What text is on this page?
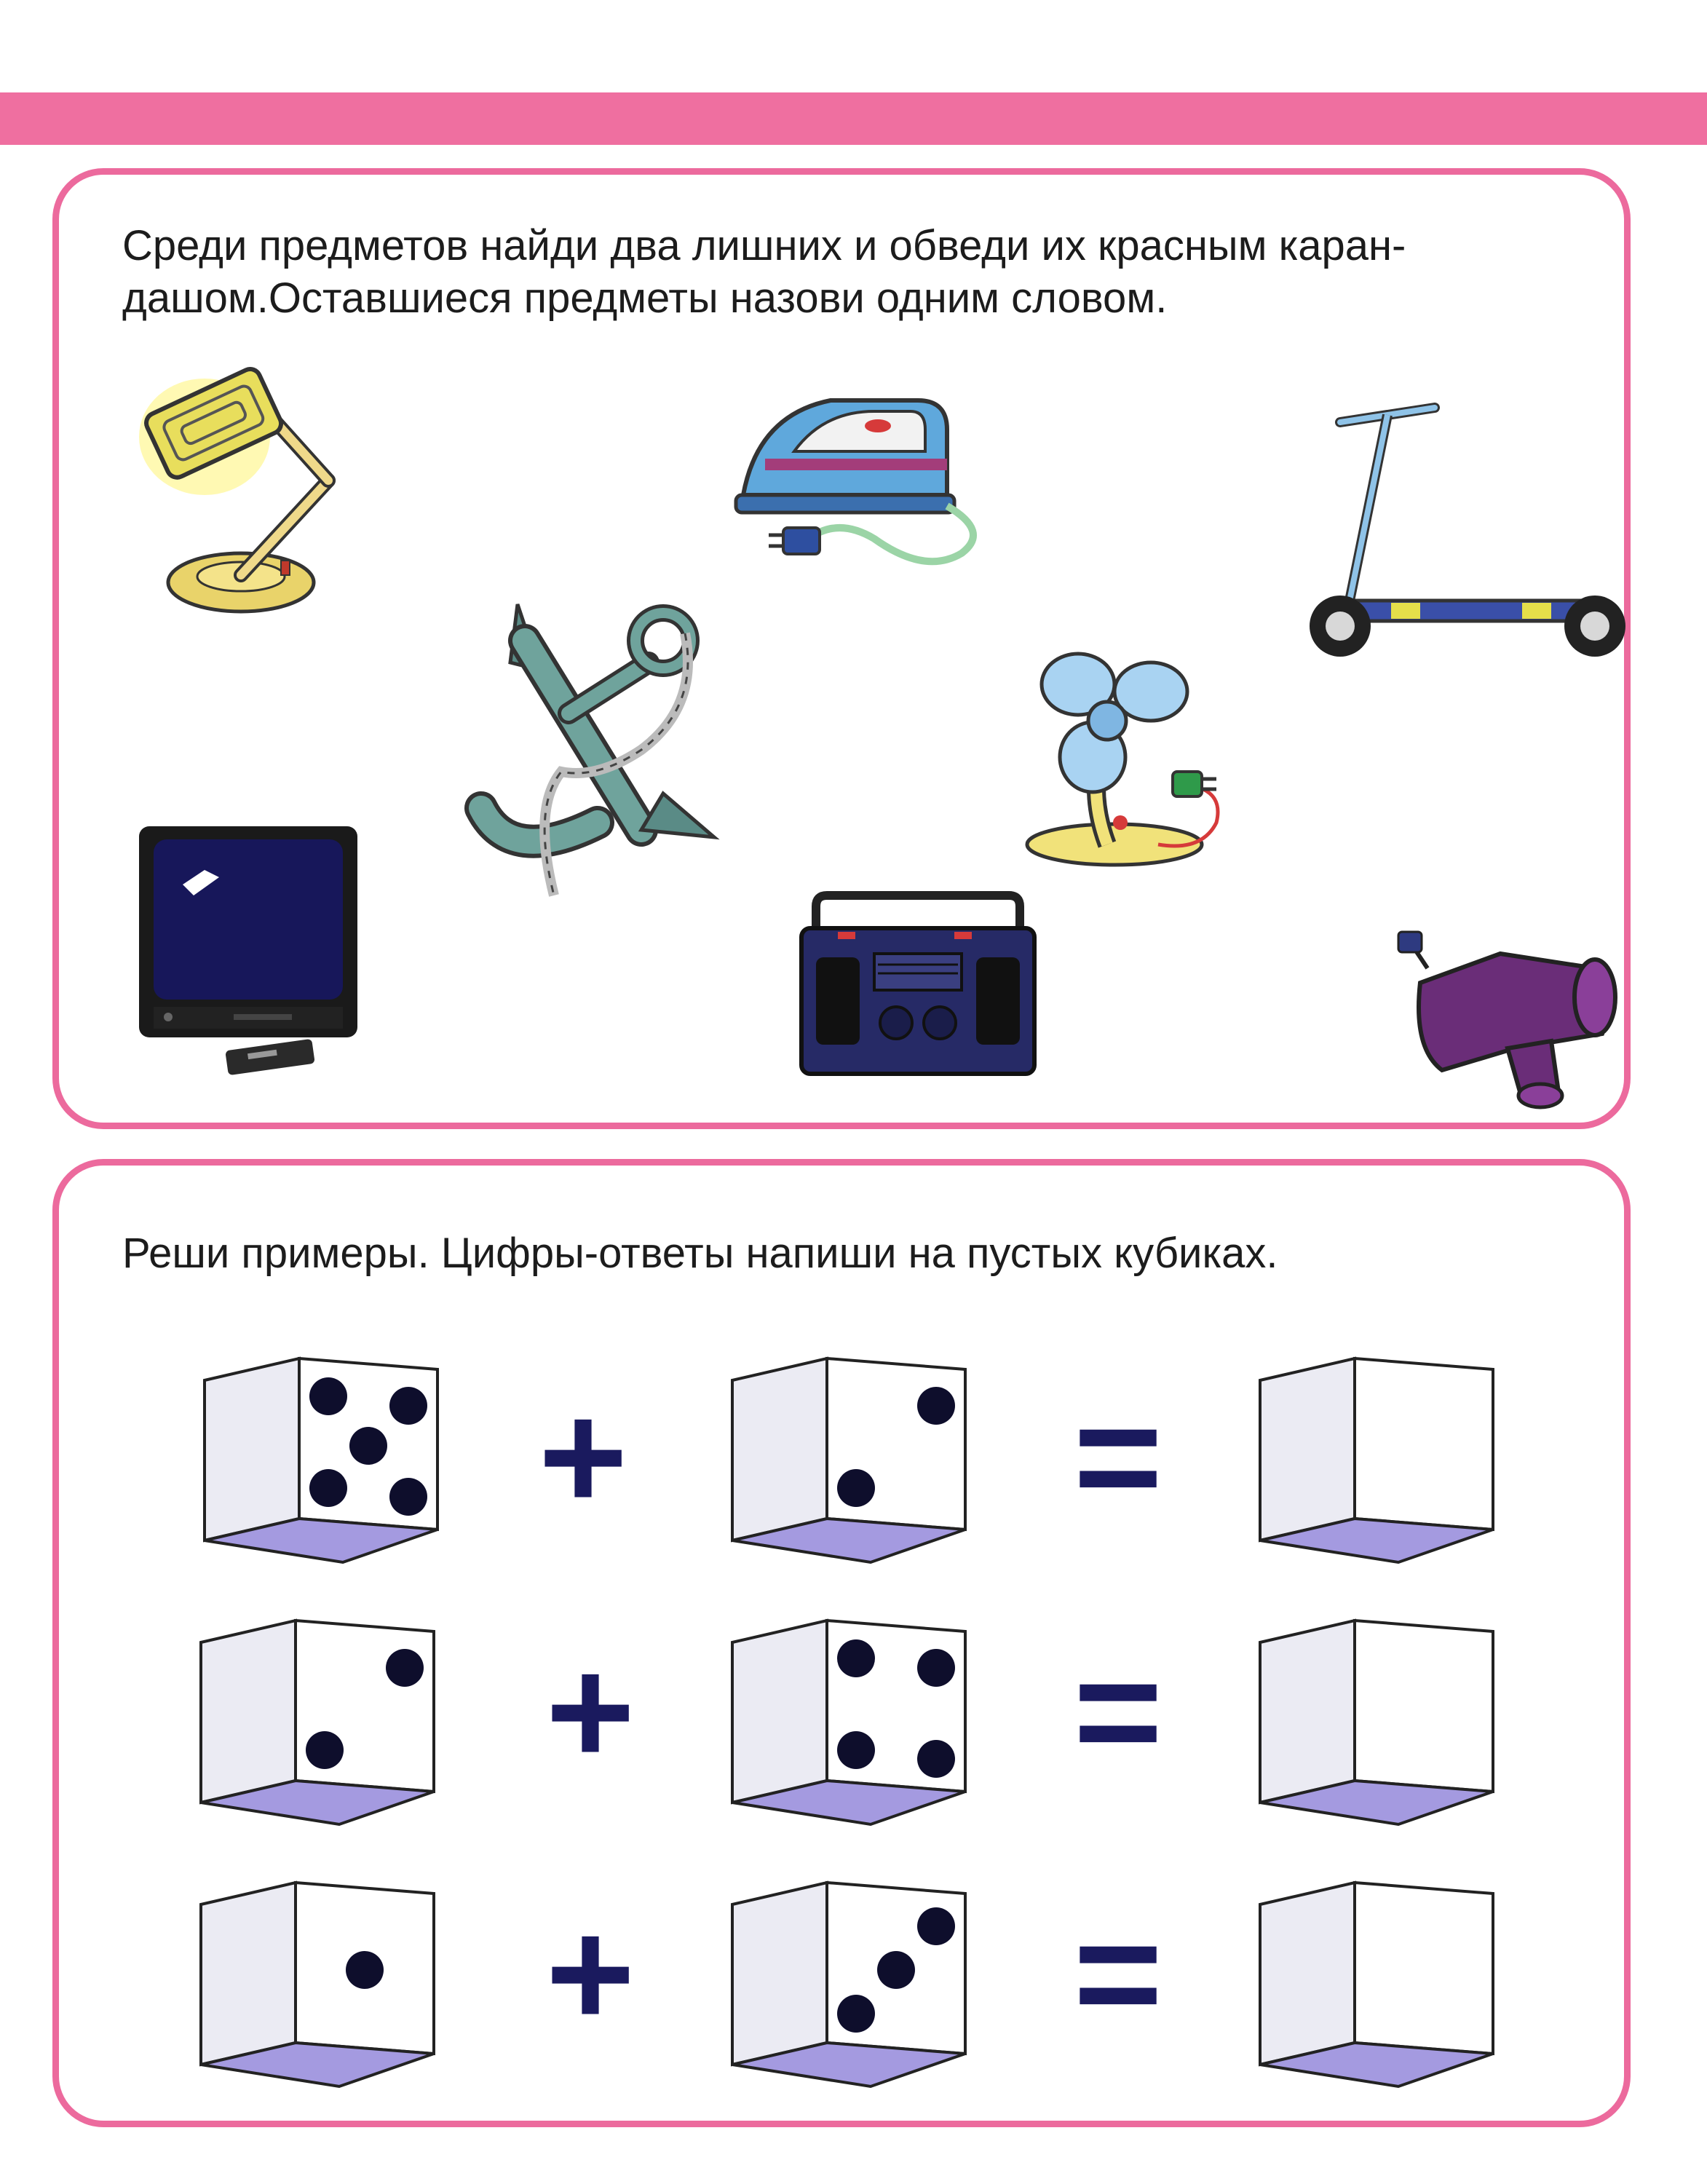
Среди предметов найди два лишних и обведи их красным каран-
дашом.Оставшиеся предметы назови одним словом.

Реши примеры. Цифры-ответы напиши на пустых кубиках.

+	=
+	=
+	=
